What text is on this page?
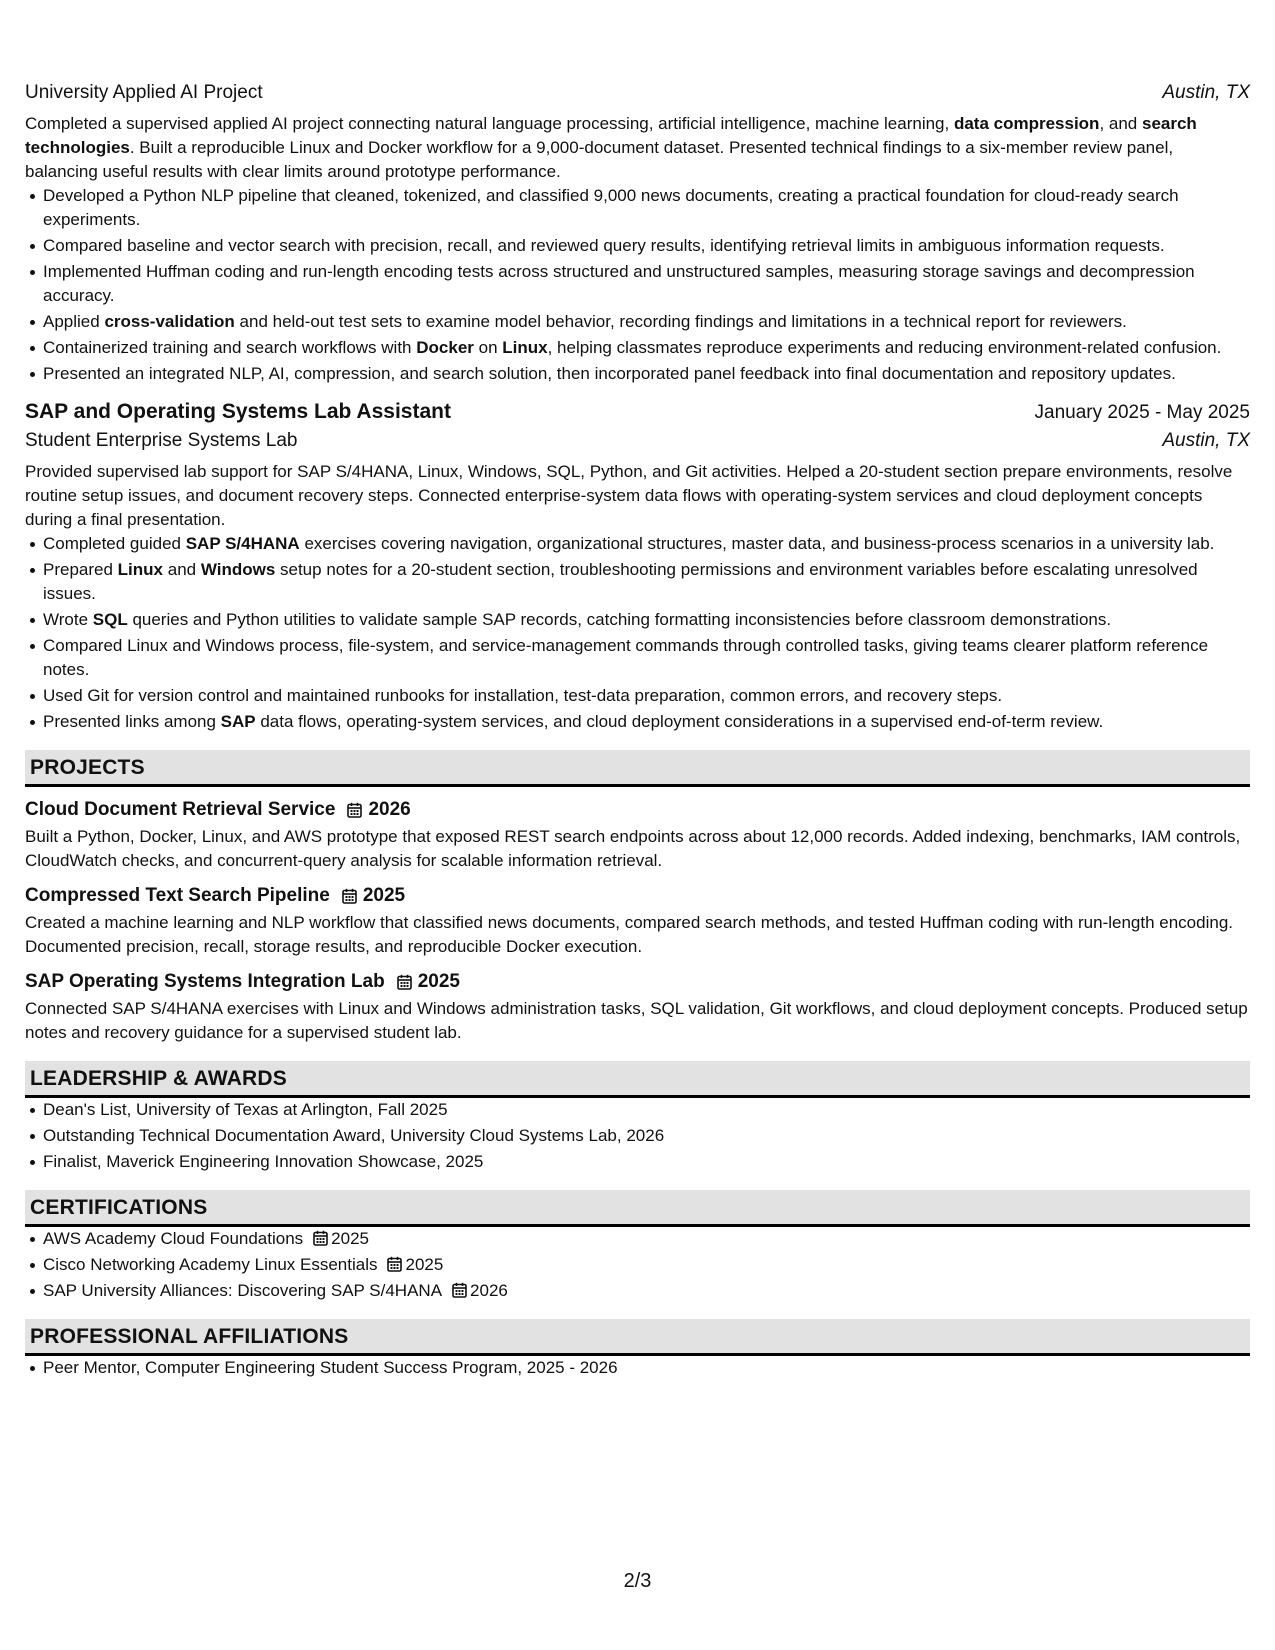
University Applied AI Project	Austin, TX

Completed a supervised applied AI project connecting natural language processing, artificial intelligence, machine learning, data compression, and search technologies. Built a reproducible Linux and Docker workflow for a 9,000-document dataset. Presented technical findings to a six-member review panel, balancing useful results with clear limits around prototype performance.

Developed a Python NLP pipeline that cleaned, tokenized, and classified 9,000 news documents, creating a practical foundation for cloud-ready search experiments.
Compared baseline and vector search with precision, recall, and reviewed query results, identifying retrieval limits in ambiguous information requests.
Implemented Huffman coding and run-length encoding tests across structured and unstructured samples, measuring storage savings and decompression accuracy.
Applied cross-validation and held-out test sets to examine model behavior, recording findings and limitations in a technical report for reviewers.
Containerized training and search workflows with Docker on Linux, helping classmates reproduce experiments and reducing environment-related confusion.
Presented an integrated NLP, AI, compression, and search solution, then incorporated panel feedback into final documentation and repository updates.
SAP and Operating Systems Lab Assistant	January 2025 - May 2025
Student Enterprise Systems Lab	Austin, TX

Provided supervised lab support for SAP S/4HANA, Linux, Windows, SQL, Python, and Git activities. Helped a 20-student section prepare environments, resolve routine setup issues, and document recovery steps. Connected enterprise-system data flows with operating-system services and cloud deployment concepts during a final presentation.

Completed guided SAP S/4HANA exercises covering navigation, organizational structures, master data, and business-process scenarios in a university lab.
Prepared Linux and Windows setup notes for a 20-student section, troubleshooting permissions and environment variables before escalating unresolved issues.
Wrote SQL queries and Python utilities to validate sample SAP records, catching formatting inconsistencies before classroom demonstrations.
Compared Linux and Windows process, file-system, and service-management commands through controlled tasks, giving teams clearer platform reference notes.
Used Git for version control and maintained runbooks for installation, test-data preparation, common errors, and recovery steps.
Presented links among SAP data flows, operating-system services, and cloud deployment considerations in a supervised end-of-term review.
PROJECTS
Cloud Document Retrieval Service 2026

Built a Python, Docker, Linux, and AWS prototype that exposed REST search endpoints across about 12,000 records. Added indexing, benchmarks, IAM controls, CloudWatch checks, and concurrent-query analysis for scalable information retrieval.

Compressed Text Search Pipeline 2025

Created a machine learning and NLP workflow that classified news documents, compared search methods, and tested Huffman coding with run-length encoding. Documented precision, recall, storage results, and reproducible Docker execution.

SAP Operating Systems Integration Lab 2025

Connected SAP S/4HANA exercises with Linux and Windows administration tasks, SQL validation, Git workflows, and cloud deployment concepts. Produced setup notes and recovery guidance for a supervised student lab.

LEADERSHIP & AWARDS
Dean's List, University of Texas at Arlington, Fall 2025
Outstanding Technical Documentation Award, University Cloud Systems Lab, 2026
Finalist, Maverick Engineering Innovation Showcase, 2025
CERTIFICATIONS
AWS Academy Cloud Foundations 2025
Cisco Networking Academy Linux Essentials 2025
SAP University Alliances: Discovering SAP S/4HANA 2026
PROFESSIONAL AFFILIATIONS
Peer Mentor, Computer Engineering Student Success Program, 2025 - 2026
2/3
